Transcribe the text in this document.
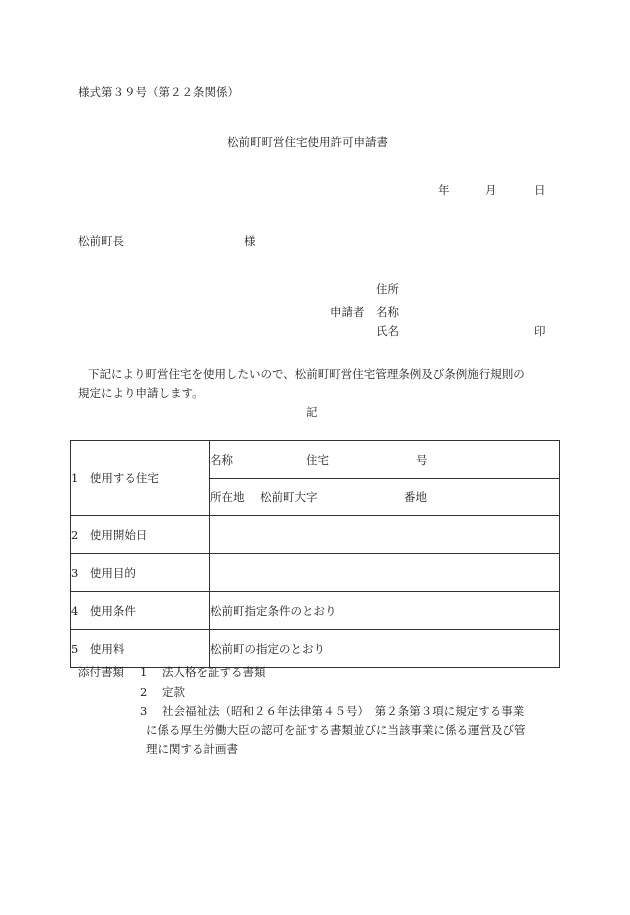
様式第３９号（第２２条関係）
松前町町営住宅使用許可申請書
年	月	日
松前町長	様
住所
申請者 名称
氏名	印
下記により町営住宅を使用したいので、松前町町営住宅管理条例及び条例施行規則の
規定により申請します。
記
1　使用する住宅	名称 住宅 号
	所在地 松前町大字 番地
2　使用開始日	
3　使用目的	
4　使用条件	松前町指定条件のとおり
5　使用料	松前町の指定のとおり
添付書類 1 法人格を証する書類
2 定款
3 社会福祉法（昭和２６年法律第４５号）　第２条第３項に規定する事業
に係る厚生労働大臣の認可を証する書類並びに当該事業に係る運営及び管
理に関する計画書
